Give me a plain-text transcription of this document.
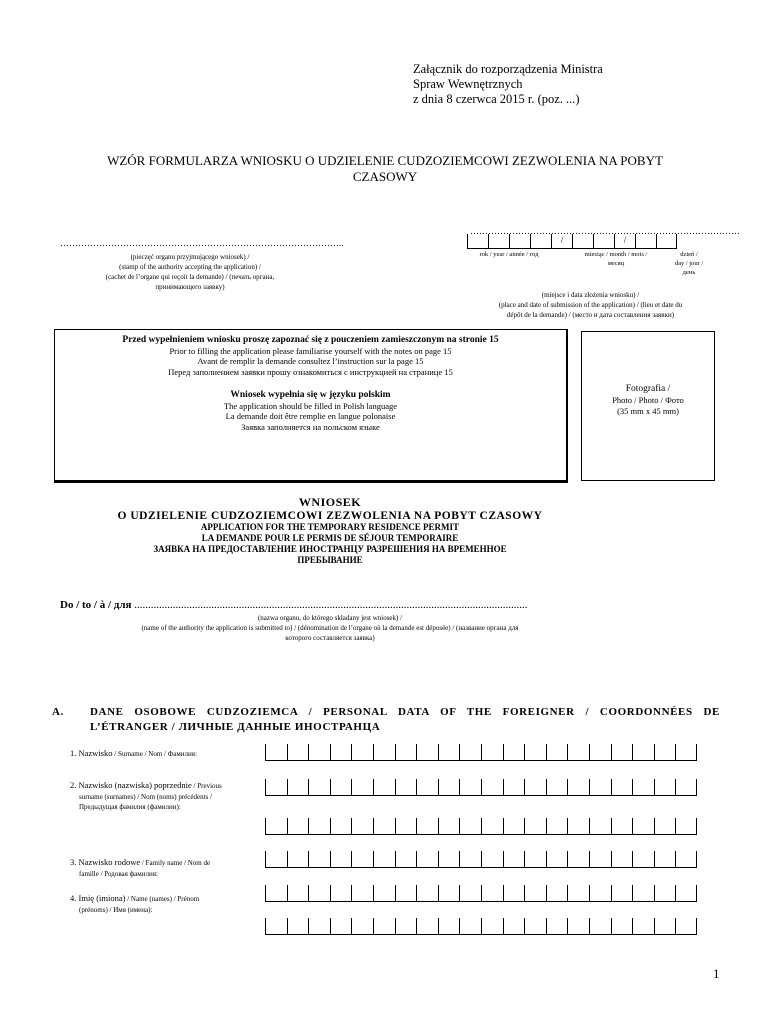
Załącznik do rozporządzenia Ministra
Spraw Wewnętrznych
z dnia 8 czerwca 2015 r. (poz. ...)
WZÓR FORMULARZA WNIOSKU O UDZIELENIE CUDZOZIEMCOWI ZEZWOLENIA NA POBYT
CZASOWY
…………………………………………………………………………………..
(pieczęć organu przyjmującego wniosek) /
(stamp of the authority accepting the application) /
(cachet de l’organe qui reçoit la demande) / (печать органа,
принимающего заявку)
………………………………………………………………………………
/	/
rok / year / année / год	miesiąc / month / mois /
месяц
dzień /
day / jour /
день
(miejsce i data złożenia wniosku) /
(place and date of submission of the application) / (lieu et date du
dépôt de la demande) / (место и дата составления заявки)
Przed wypełnieniem wniosku proszę zapoznać się z pouczeniem zamieszczonym na stronie 15
Prior to filling the application please familiarise yourself with the notes on page 15
Avant de remplir la demande consultez l’instruction sur la page 15
Перед заполнением заявки прошу ознакомиться с инструкцией на странице 15
Wniosek wypełnia się w języku polskim
The application should be filled in Polish language
La demande doit être remplie en langue polonaise
Заявка заполняется на польском языке
Fotografia /
Photo / Photo / Фото
(35 mm x 45 mm)
WNIOSEK
O UDZIELENIE CUDZOZIEMCOWI ZEZWOLENIA NA POBYT CZASOWY
APPLICATION FOR THE TEMPORARY RESIDENCE PERMIT
LA DEMANDE POUR LE PERMIS DE SÉJOUR TEMPORAIRE
ЗАЯВКА НА ПРЕДОСТАВЛЕНИЕ ИНОСТРАНЦУ РАЗРЕШЕНИЯ НА ВРЕМЕННОЕ
ПРЕБЫВАНИЕ
Do / to / à / для ...............................................................................................................................................
(nazwa organu, do którego składany jest wniosek) /
(name of the authority the application is submitted to) / (dénomination de l’organe où la demande est déposée) / (название органа для
которого составляется заявка)
A. DANE OSOBOWE CUDZOZIEMCA / PERSONAL DATA OF THE FOREIGNER / COORDONNÉES DE
L’ÉTRANGER / ЛИЧНЫЕ ДАННЫЕ ИНОСТРАНЦА
1. Nazwisko / Surname / Nom / Фамилия:
2. Nazwisko (nazwiska) poprzednie / Previous
surname (surnames) / Nom (noms) précédents /
Предыдущая фамилия (фамилии):
3. Nazwisko rodowe / Family name / Nom de
famille / Родовая фамилия:
4. Imię (imiona) / Name (names) / Prénom
(prénoms) / Имя (имена):
1
